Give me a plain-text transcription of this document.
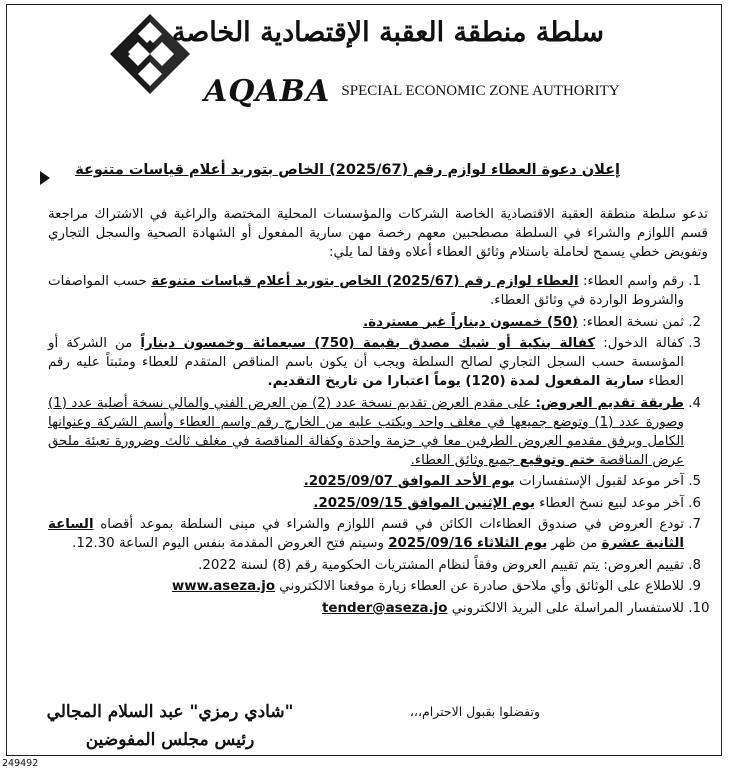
سلطة منطقة العقبة الإقتصادية الخاصة
AQABA SPECIAL ECONOMIC ZONE AUTHORITY
إعلان دعوة العطاء لوازم رقم (2025/67) الخاص بتوريد أعلام قياسات متنوعة

تدعو سلطة منطقة العقبة الاقتصادية الخاصة الشركات والمؤسسات المحلية المختصة والراغبة في الاشتراك مراجعة قسم اللوازم والشراء في السلطة مصطحبين معهم رخصة مهن سارية المفعول أو الشهادة الصحية والسجل التجاري وتفويض خطي يسمح لحاملة باستلام وثائق العطاء أعلاه وفقا لما يلي:

1. رقم واسم العطاء: العطاء لوازم رقم (2025/67) الخاص بتوريد أعلام قياسات متنوعة حسب المواصفات والشروط الواردة في وثائق العطاء.
2. ثمن نسخة العطاء: (50) خمسون ديناراً غير مستردة.
3. كفالة الدخول: كفالة بنكية أو شيك مصدق بقيمة (750) سبعمائة وخمسون ديناراً من الشركة أو المؤسسة حسب السجل التجاري لصالح السلطة ويجب أن يكون باسم المناقص المتقدم للعطاء ومثبتاً عليه رقم العطاء سارية المفعول لمدة (120) يوماً اعتبارا من تاريخ التقديم.
4. طريقة تقديم العروض: على مقدم العرض تقديم نسخة عدد (2) من العرض الفني والمالي نسخة أصلية عدد (1) وصورة عدد (1) وتوضع جميعها في مغلف واحد ويكتب عليه من الخارج رقم واسم العطاء وأسم الشركة وعنوانها الكامل ويرفق مقدمو العروض الطرفين معا في حزمة واحدة وكفالة المناقصة في مغلف ثالث وضرورة تعبئة ملحق عرض المناقصة ختم وتوقيع جميع وثائق العطاء.
5. آخر موعد لقبول الإستفسارات يوم الأحد الموافق 2025/09/07.
6. آخر موعد لبيع نسخ العطاء يوم الإثنين الموافق 2025/09/15.
7. تودع العروض في صندوق العطاءات الكائن في قسم اللوازم والشراء في مبنى السلطة بموعد أقصاه الساعة الثانية عشرة من ظهر يوم الثلاثاء 2025/09/16 وسيتم فتح العروض المقدمة بنفس اليوم الساعة 12.30.
8. تقييم العروض: يتم تقييم العروض وفقاً لنظام المشتريات الحكومية رقم (8) لسنة 2022.
9. للاطلاع على الوثائق وأي ملاحق صادرة عن العطاء زيارة موقعنا الالكتروني www.aseza.jo
10. للاستفسار المراسلة على البريد الالكتروني tender@aseza.jo
وتفضلوا بقبول الاحترام،،،
"شادي رمزي" عبد السلام المجالي
رئيس مجلس المفوضين
249492
